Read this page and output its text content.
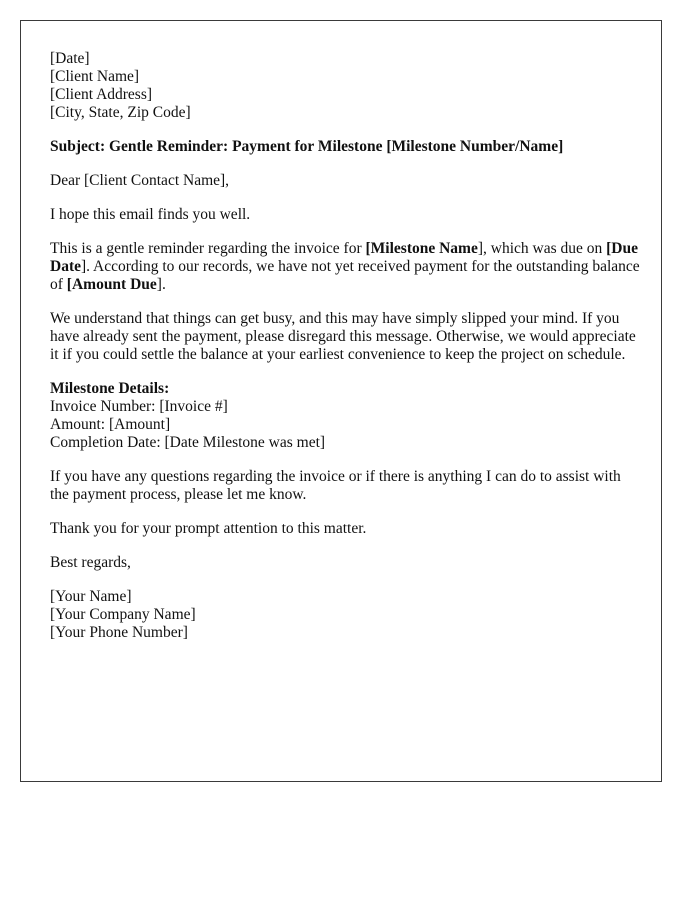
[Date]
[Client Name]
[Client Address]
[City, State, Zip Code]
Subject: Gentle Reminder: Payment for Milestone [Milestone Number/Name]
Dear [Client Contact Name],
I hope this email finds you well.
This is a gentle reminder regarding the invoice for [Milestone Name], which was due on [Due Date]. According to our records, we have not yet received payment for the outstanding balance of [Amount Due].
We understand that things can get busy, and this may have simply slipped your mind. If you have already sent the payment, please disregard this message. Otherwise, we would appreciate it if you could settle the balance at your earliest convenience to keep the project on schedule.
Milestone Details:
Invoice Number: [Invoice #]
Amount: [Amount]
Completion Date: [Date Milestone was met]
If you have any questions regarding the invoice or if there is anything I can do to assist with the payment process, please let me know.
Thank you for your prompt attention to this matter.
Best regards,
[Your Name]
[Your Company Name]
[Your Phone Number]
